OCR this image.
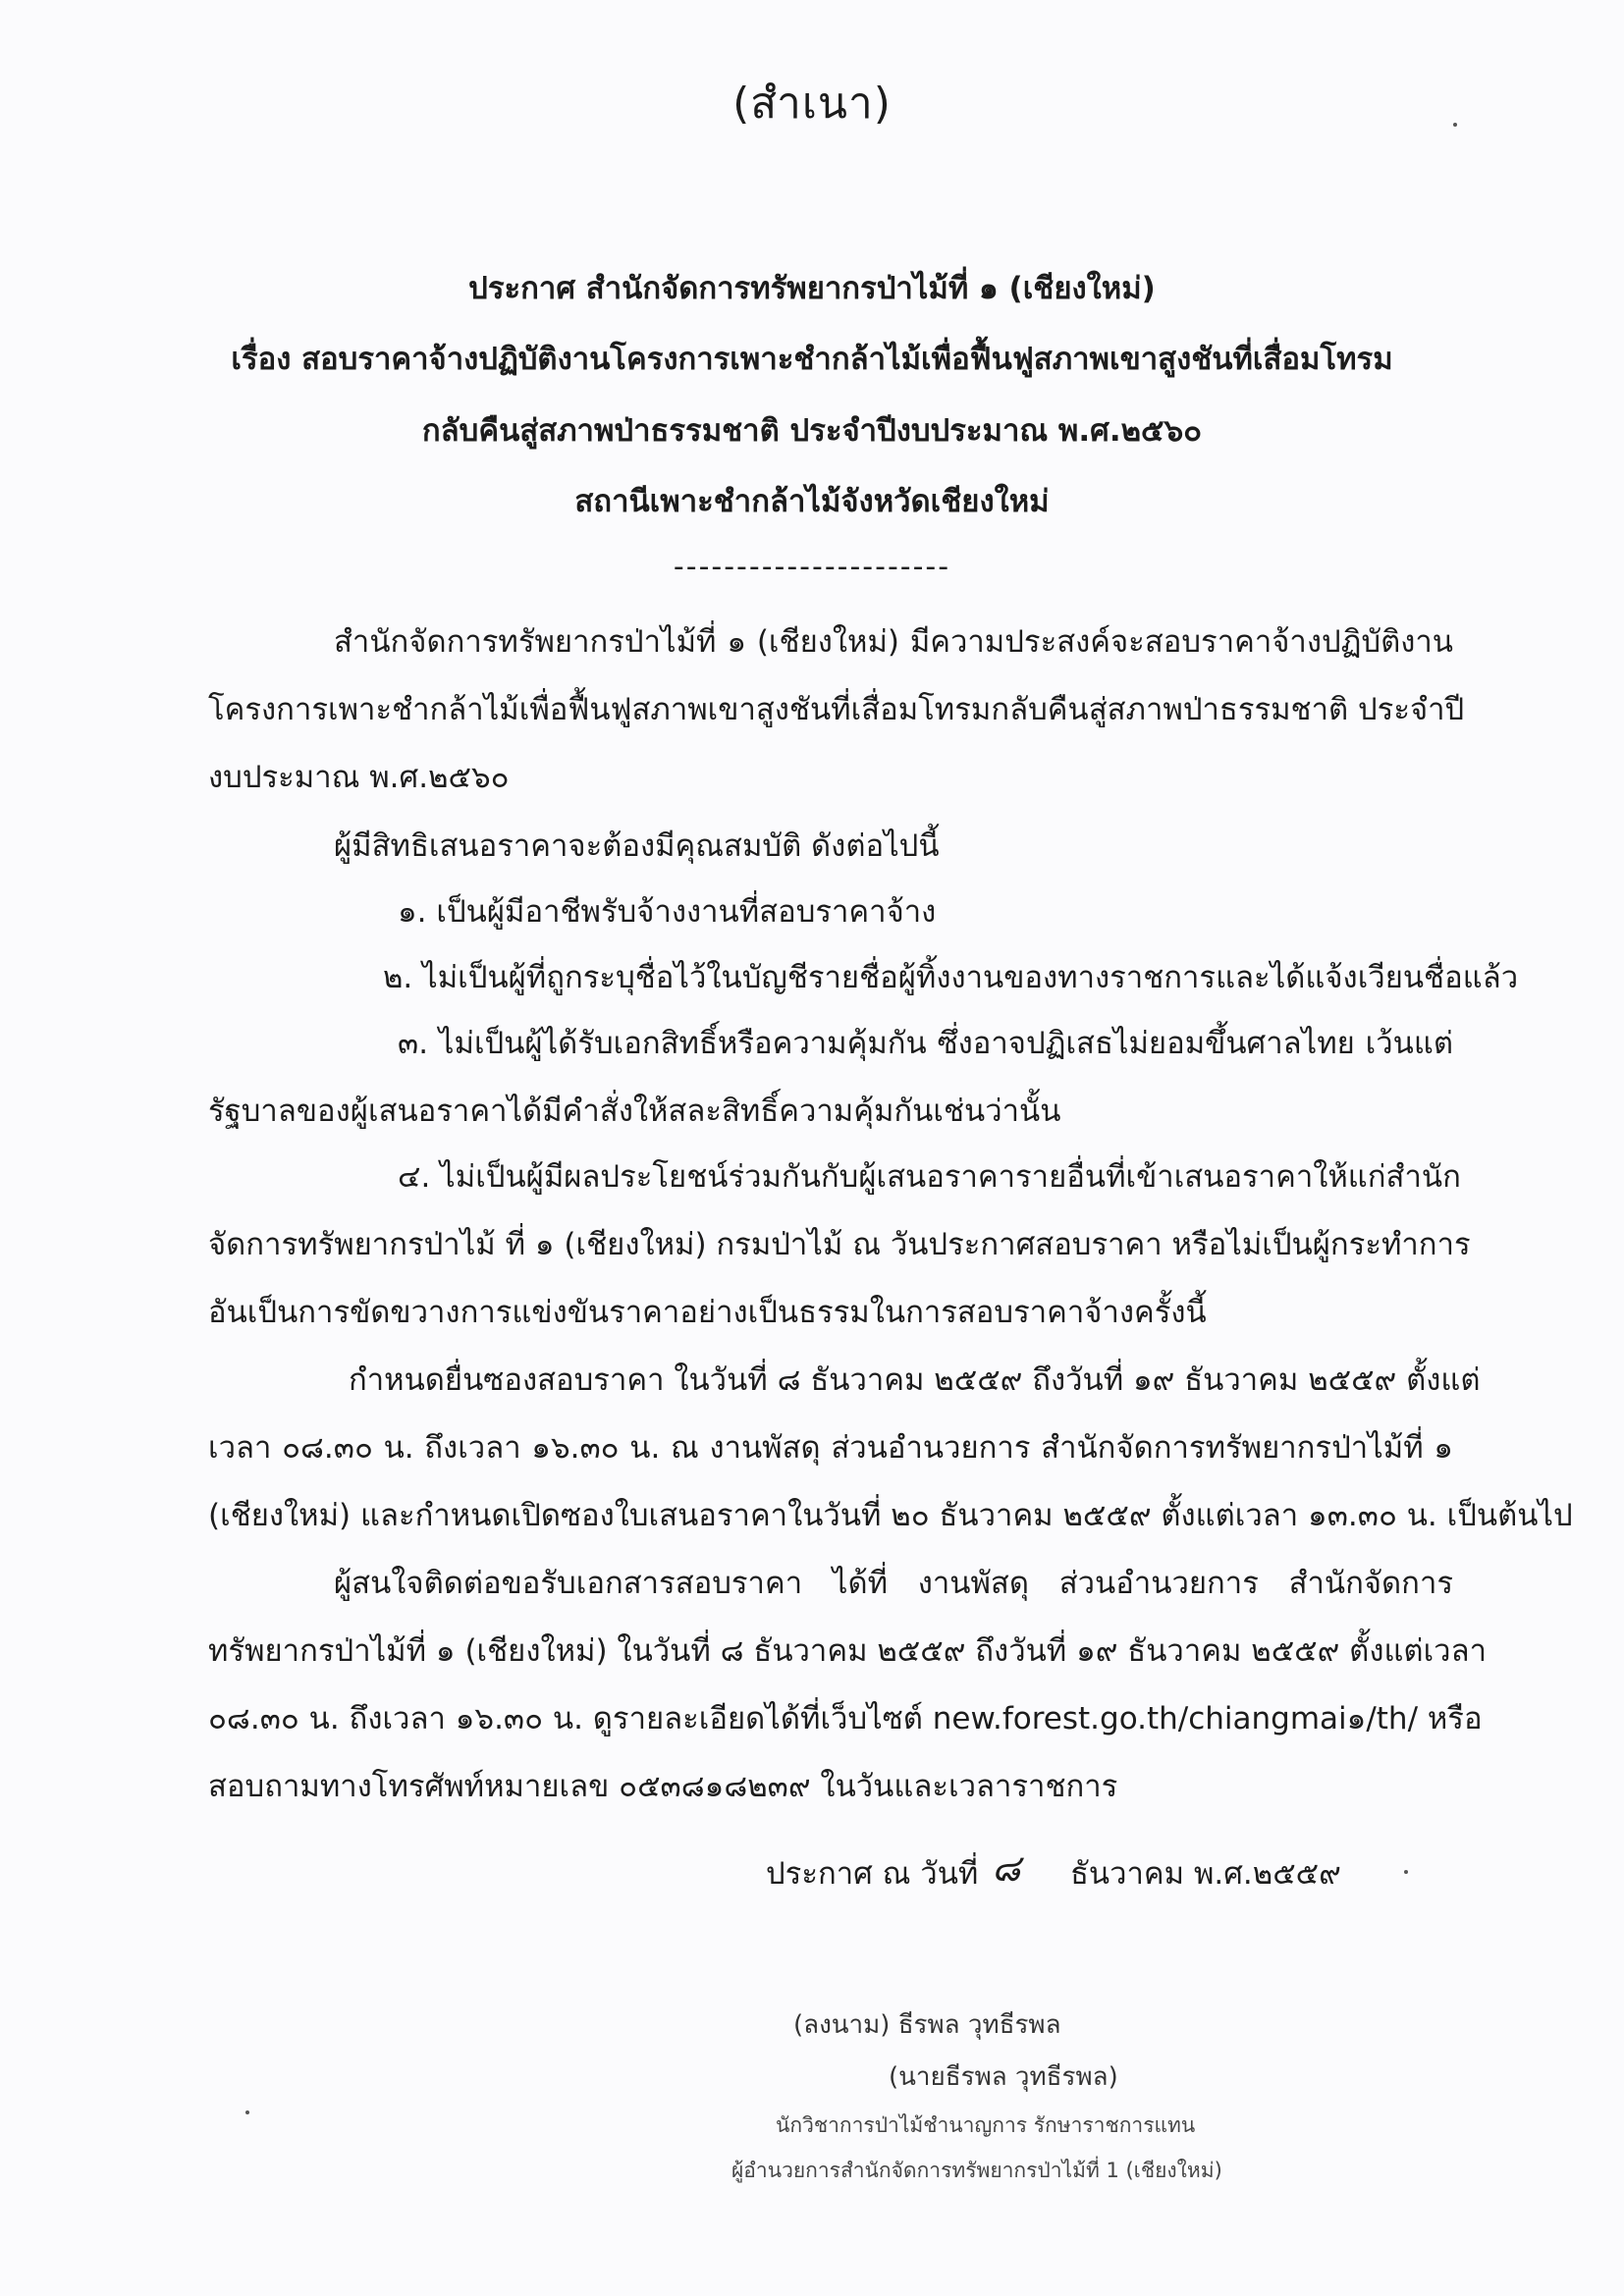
(สำเนา)
ประกาศ สำนักจัดการทรัพยากรป่าไม้ที่ ๑ (เชียงใหม่)
เรื่อง สอบราคาจ้างปฏิบัติงานโครงการเพาะชำกล้าไม้เพื่อฟื้นฟูสภาพเขาสูงชันที่เสื่อมโทรม
กลับคืนสู่สภาพป่าธรรมชาติ ประจำปีงบประมาณ พ.ศ.๒๕๖๐
สถานีเพาะชำกล้าไม้จังหวัดเชียงใหม่
----------------------
สำนักจัดการทรัพยากรป่าไม้ที่ ๑ (เชียงใหม่) มีความประสงค์จะสอบราคาจ้างปฏิบัติงาน
โครงการเพาะชำกล้าไม้เพื่อฟื้นฟูสภาพเขาสูงชันที่เสื่อมโทรมกลับคืนสู่สภาพป่าธรรมชาติ ประจำปี
งบประมาณ พ.ศ.๒๕๖๐
ผู้มีสิทธิเสนอราคาจะต้องมีคุณสมบัติ ดังต่อไปนี้
๑. เป็นผู้มีอาชีพรับจ้างงานที่สอบราคาจ้าง
๒. ไม่เป็นผู้ที่ถูกระบุชื่อไว้ในบัญชีรายชื่อผู้ทิ้งงานของทางราชการและได้แจ้งเวียนชื่อแล้ว
๓. ไม่เป็นผู้ได้รับเอกสิทธิ์หรือความคุ้มกัน ซึ่งอาจปฏิเสธไม่ยอมขึ้นศาลไทย เว้นแต่
รัฐบาลของผู้เสนอราคาได้มีคำสั่งให้สละสิทธิ์ความคุ้มกันเช่นว่านั้น
๔. ไม่เป็นผู้มีผลประโยชน์ร่วมกันกับผู้เสนอราคารายอื่นที่เข้าเสนอราคาให้แก่สำนัก
จัดการทรัพยากรป่าไม้ ที่ ๑ (เชียงใหม่) กรมป่าไม้ ณ วันประกาศสอบราคา หรือไม่เป็นผู้กระทำการ
อันเป็นการขัดขวางการแข่งขันราคาอย่างเป็นธรรมในการสอบราคาจ้างครั้งนี้
กำหนดยื่นซองสอบราคา ในวันที่ ๘ ธันวาคม ๒๕๕๙ ถึงวันที่ ๑๙ ธันวาคม ๒๕๕๙ ตั้งแต่
เวลา ๐๘.๓๐ น. ถึงเวลา ๑๖.๓๐ น. ณ งานพัสดุ ส่วนอำนวยการ สำนักจัดการทรัพยากรป่าไม้ที่ ๑
(เชียงใหม่) และกำหนดเปิดซองใบเสนอราคาในวันที่ ๒๐ ธันวาคม ๒๕๕๙ ตั้งแต่เวลา ๑๓.๓๐ น. เป็นต้นไป
ผู้สนใจติดต่อขอรับเอกสารสอบราคา ได้ที่ งานพัสดุ ส่วนอำนวยการ สำนักจัดการ
ทรัพยากรป่าไม้ที่ ๑ (เชียงใหม่) ในวันที่ ๘ ธันวาคม ๒๕๕๙ ถึงวันที่ ๑๙ ธันวาคม ๒๕๕๙ ตั้งแต่เวลา
๐๘.๓๐ น. ถึงเวลา ๑๖.๓๐ น. ดูรายละเอียดได้ที่เว็บไซต์ new.forest.go.th/chiangmai๑/th/ หรือ
สอบถามทางโทรศัพท์หมายเลข ๐๕๓๘๑๘๒๓๙ ในวันและเวลาราชการ
ประกาศ ณ วันที่ ๘ ธันวาคม พ.ศ.๒๕๕๙
(ลงนาม) ธีรพล วุทธีรพล
(นายธีรพล วุทธีรพล)
นักวิชาการป่าไม้ชำนาญการ รักษาราชการแทน
ผู้อำนวยการสำนักจัดการทรัพยากรป่าไม้ที่ 1 (เชียงใหม่)
